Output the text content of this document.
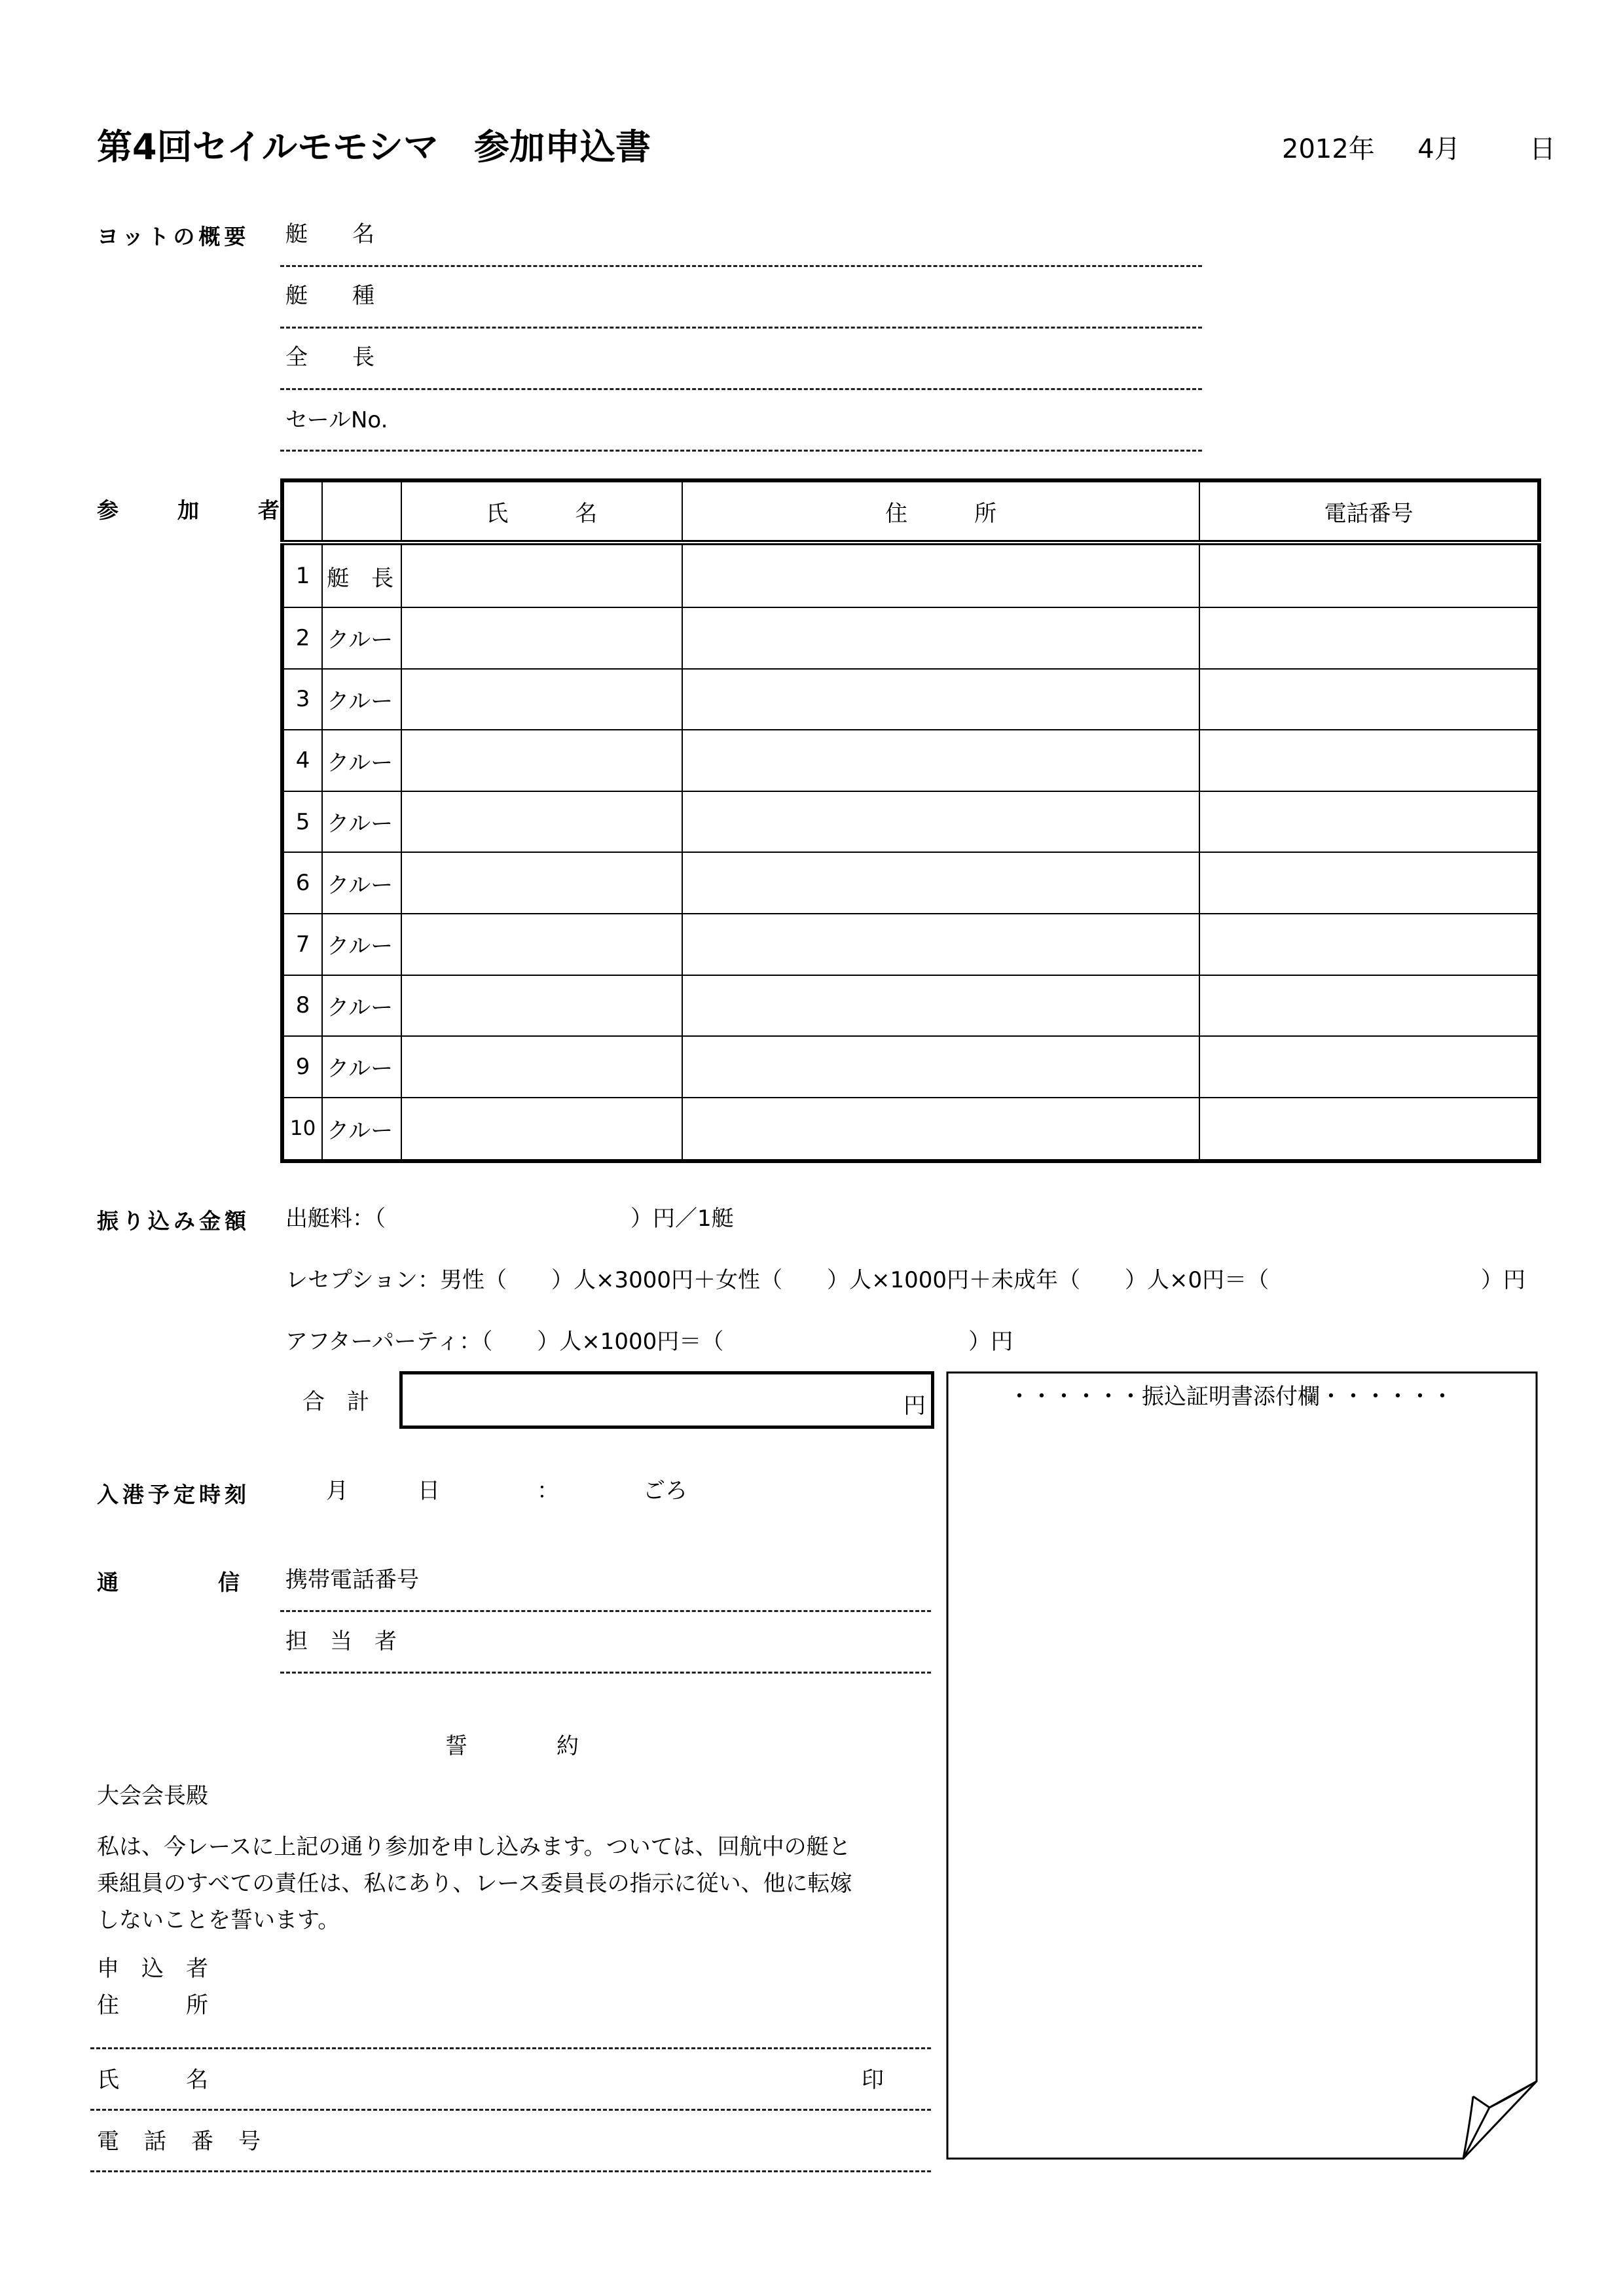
第4回セイルモモシマ　参加申込書	2012年 4月	日
ヨットの概要 艇　　名
艇　　種
全　　長
セールNo.
参　　加　　者
			氏　　　名	住　　　所	電話番号
1	艇　長			
2	クルー			
3	クルー			
4	クルー			
5	クルー			
6	クルー			
7	クルー			
8	クルー			
9	クルー			
10	クルー			
振り込み金額 出艇料：（　　　　　　　　　　　）円／1艇
レセプション：男性（　　）人×3000円＋女性（　　）人×1000円＋未成年（　　）人×0円＝（	）円
アフターパーティ：（　　）人×1000円＝（　　　　　　　　　　　）円
合　計	円	・・・・・・振込証明書添付欄・・・・・・
入港予定時刻	月	日	：	ごろ
通　　　　信 携帯電話番号
担　当　者
誓　　　　約
大会会長殿
私は、今レースに上記の通り参加を申し込みます。ついては、回航中の艇と
乗組員のすべての責任は、私にあり、レース委員長の指示に従い、他に転嫁
しないことを誓います。
申　込　者
住　　　所
氏　　　名	印
電　話　番　号
